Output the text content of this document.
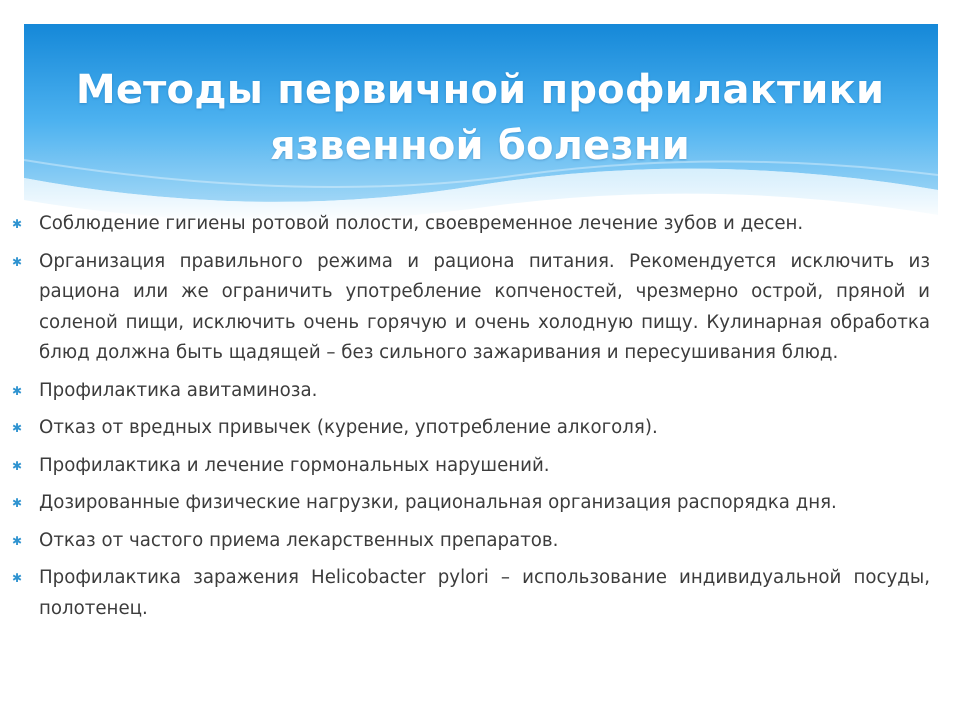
Методы первичной профилактики язвенной болезни
✱ Соблюдение гигиены ротовой полости, своевременное лечение зубов и десен.
✱ Организация правильного режима и рациона питания. Рекомендуется исключить из рациона или же ограничить употребление копченостей, чрезмерно острой, пряной и соленой пищи, исключить очень горячую и очень холодную пищу. Кулинарная обработка блюд должна быть щадящей – без сильного зажаривания и пересушивания блюд.
✱ Профилактика авитаминоза.
✱ Отказ от вредных привычек (курение, употребление алкоголя).
✱ Профилактика и лечение гормональных нарушений.
✱ Дозированные физические нагрузки, рациональная организация распорядка дня.
✱ Отказ от частого приема лекарственных препаратов.
✱ Профилактика заражения Helicobacter pylori – использование индивидуальной посуды, полотенец.
